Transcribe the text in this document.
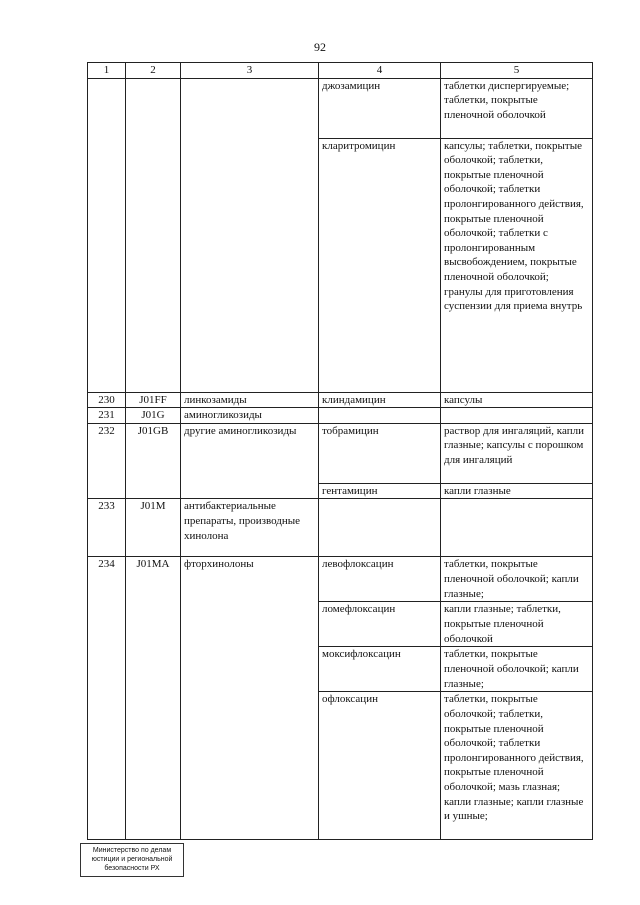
92
1	2	3	4	5
			джозамицин	таблетки диспергируемые; таблетки, покрытые пленочной оболочкой
			кларитромицин	капсулы; таблетки, покрытые оболочкой; таблетки, покрытые пленочной оболочкой; таблетки пролонгированного действия, покрытые пленочной оболочкой; таблетки с пролонгированным высвобождением, покрытые пленочной оболочкой; гранулы для приготовления суспензии для приема внутрь
230	J01FF	линкозамиды	клиндамицин	капсулы
231	J01G	аминогликозиды		
232	J01GB	другие аминогликозиды	тобрамицин	раствор для ингаляций, капли глазные; капсулы с порошком для ингаляций
			гентамицин	капли глазные
233	J01M	антибактериальные препараты, производные хинолона		
234	J01MA	фторхинолоны	левофлоксацин	таблетки, покрытые пленочной оболочкой; капли глазные;
			ломефлоксацин	капли глазные; таблетки, покрытые пленочной оболочкой
			моксифлоксацин	таблетки, покрытые пленочной оболочкой; капли глазные;
			офлоксацин	таблетки, покрытые оболочкой; таблетки, покрытые пленочной оболочкой; таблетки пролонгированного действия, покрытые пленочной оболочкой; мазь глазная; капли глазные; капли глазные и ушные;
Министерство по делам
юстиции и региональной
безопасности РХ
